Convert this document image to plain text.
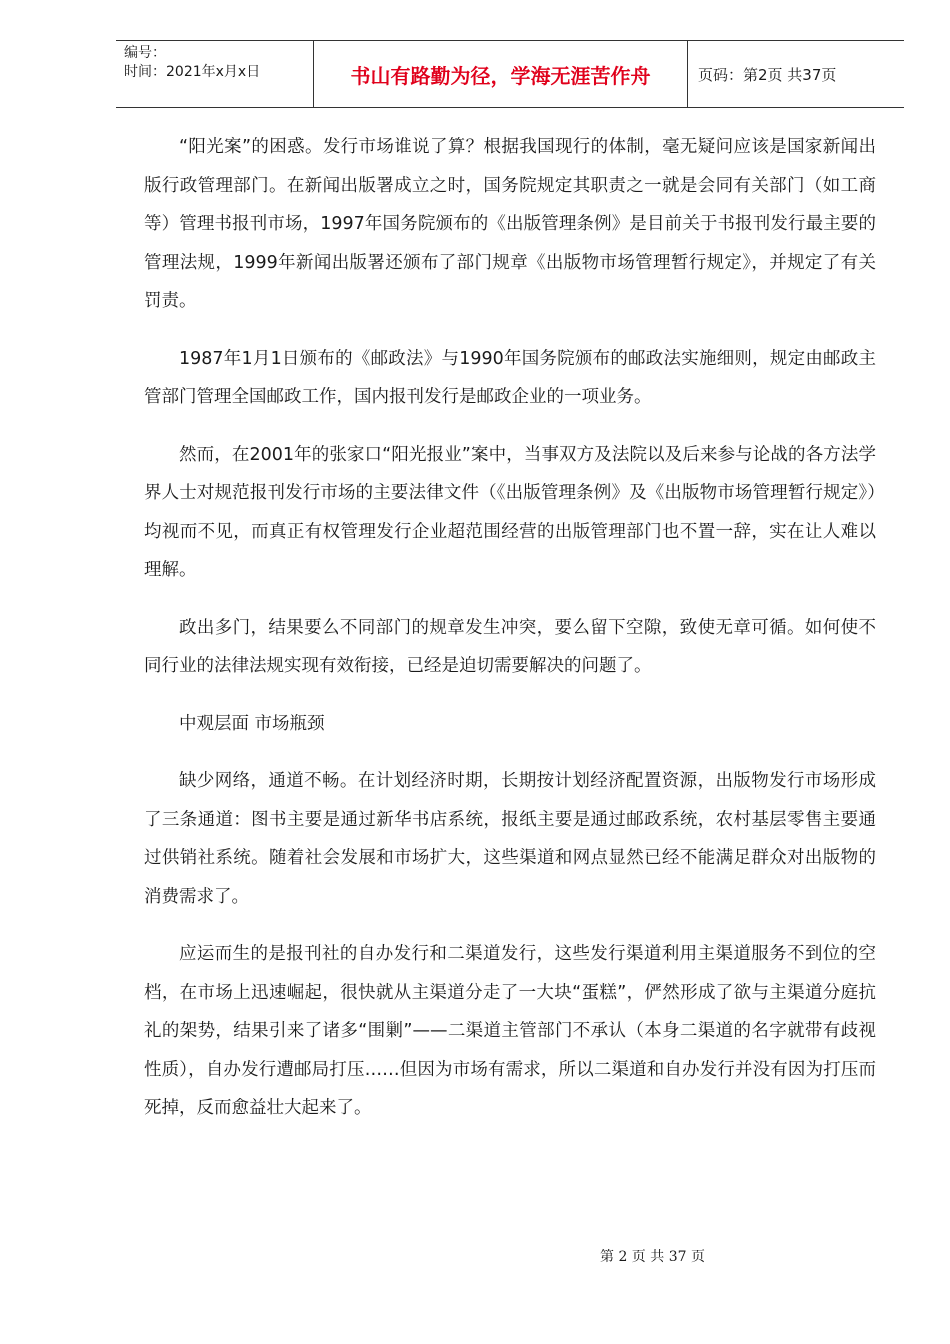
编号：
时间：2021年x月x日	书山有路勤为径，学海无涯苦作舟	页码：第2页 共37页

“阳光案”的困惑。发行市场谁说了算？根据我国现行的体制，毫无疑问应该是国家新闻出版行政管理部门。在新闻出版署成立之时，国务院规定其职责之一就是会同有关部门（如工商等）管理书报刊市场，1997年国务院颁布的《出版管理条例》是目前关于书报刊发行最主要的管理法规，1999年新闻出版署还颁布了部门规章《出版物市场管理暂行规定》，并规定了有关罚责。

1987年1月1日颁布的《邮政法》与1990年国务院颁布的邮政法实施细则，规定由邮政主管部门管理全国邮政工作，国内报刊发行是邮政企业的一项业务。

然而，在2001年的张家口“阳光报业”案中，当事双方及法院以及后来参与论战的各方法学界人士对规范报刊发行市场的主要法律文件（《出版管理条例》及《出版物市场管理暂行规定》）均视而不见，而真正有权管理发行企业超范围经营的出版管理部门也不置一辞，实在让人难以理解。

政出多门，结果要么不同部门的规章发生冲突，要么留下空隙，致使无章可循。如何使不同行业的法律法规实现有效衔接，已经是迫切需要解决的问题了。

中观层面 市场瓶颈

缺少网络，通道不畅。在计划经济时期，长期按计划经济配置资源，出版物发行市场形成了三条通道：图书主要是通过新华书店系统，报纸主要是通过邮政系统，农村基层零售主要通过供销社系统。随着社会发展和市场扩大，这些渠道和网点显然已经不能满足群众对出版物的消费需求了。

应运而生的是报刊社的自办发行和二渠道发行，这些发行渠道利用主渠道服务不到位的空档，在市场上迅速崛起，很快就从主渠道分走了一大块“蛋糕”，俨然形成了欲与主渠道分庭抗礼的架势，结果引来了诸多“围剿”——二渠道主管部门不承认（本身二渠道的名字就带有歧视性质），自办发行遭邮局打压……但因为市场有需求，所以二渠道和自办发行并没有因为打压而死掉，反而愈益壮大起来了。

第 2 页 共 37 页
